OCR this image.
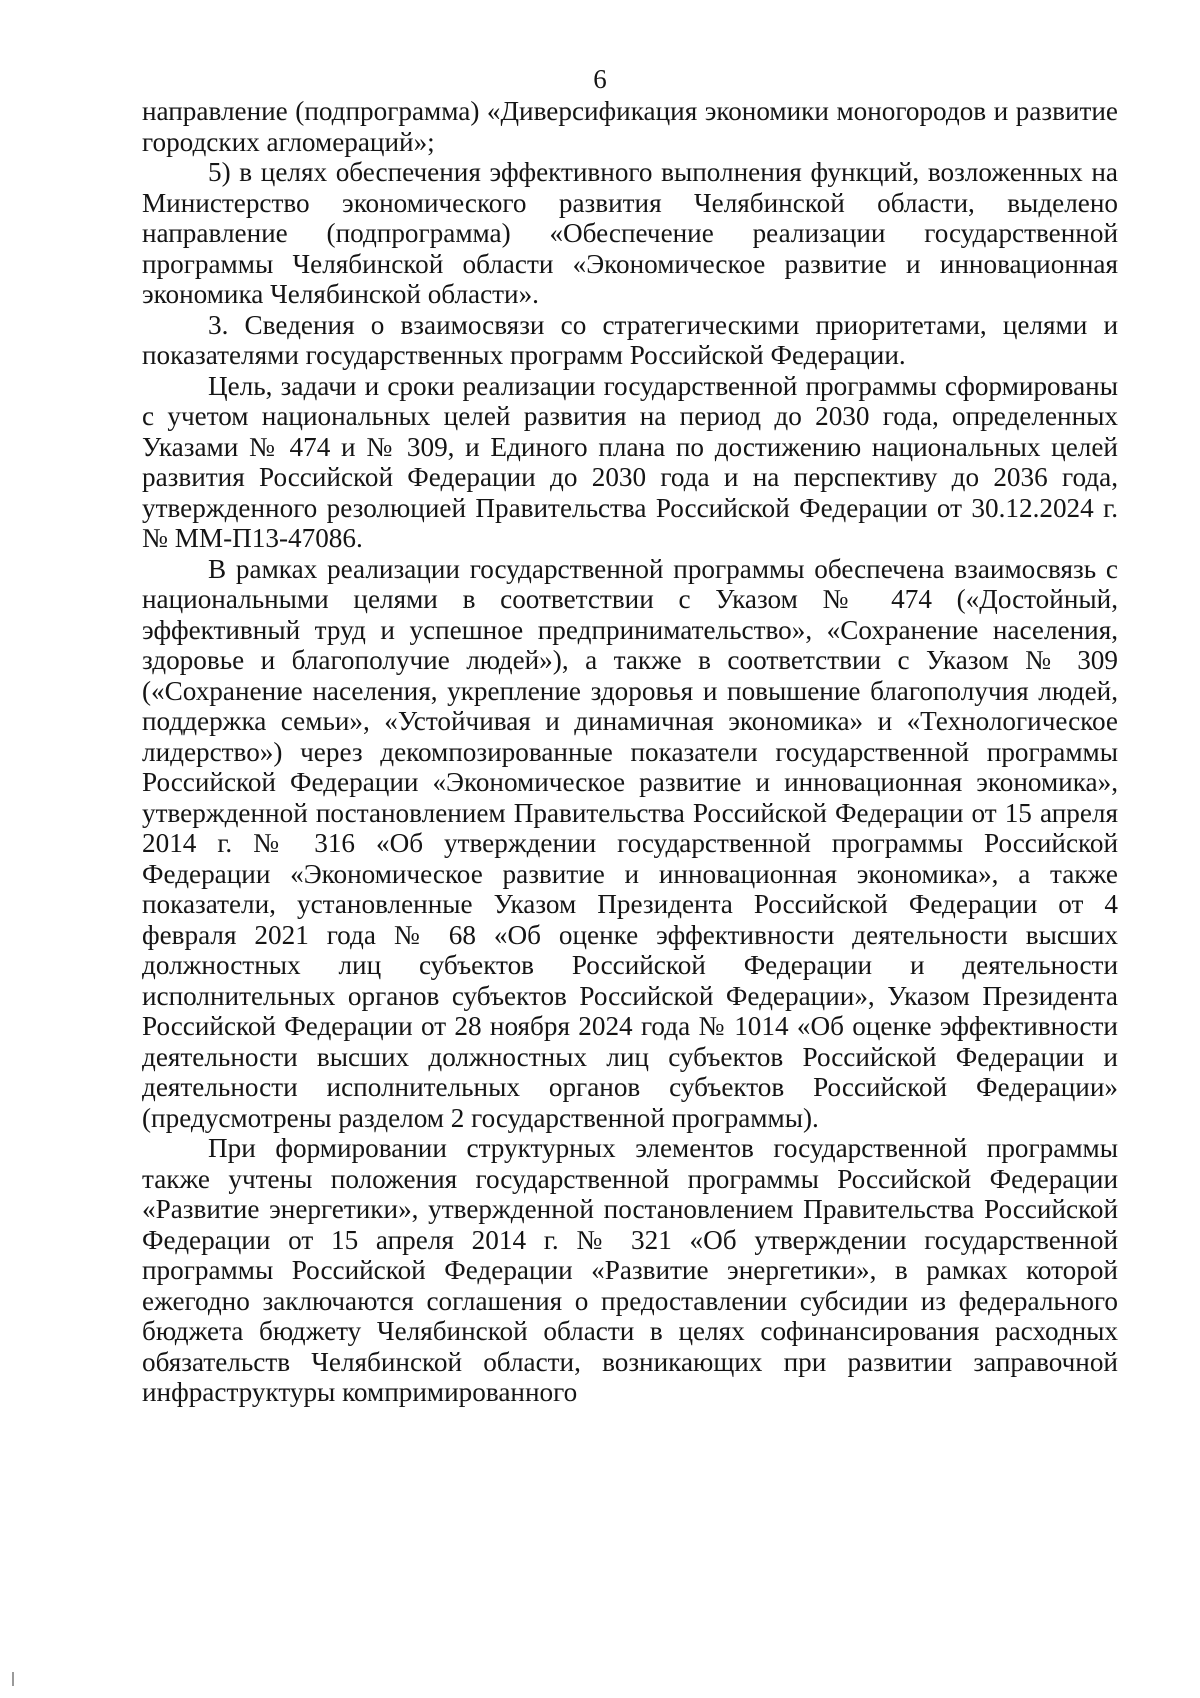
6

направление (подпрограмма) «Диверсификация экономики моногородов и развитие городских агломераций»;

5) в целях обеспечения эффективного выполнения функций, возложенных на Министерство экономического развития Челябинской области, выделено направление (подпрограмма) «Обеспечение реализации государственной программы Челябинской области «Экономическое развитие и инновационная экономика Челябинской области».

3. Сведения о взаимосвязи со стратегическими приоритетами, целями и показателями государственных программ Российской Федерации.

Цель, задачи и сроки реализации государственной программы сформированы с учетом национальных целей развития на период до 2030 года, определенных Указами № 474 и № 309, и Единого плана по достижению национальных целей развития Российской Федерации до 2030 года и на перспективу до 2036 года, утвержденного резолюцией Правительства Российской Федерации от 30.12.2024 г. № ММ-П13-47086.

В рамках реализации государственной программы обеспечена взаимосвязь с национальными целями в соответствии с Указом № 474 («Достойный, эффективный труд и успешное предпринимательство», «Сохранение населения, здоровье и благополучие людей»), а также в соответствии с Указом № 309 («Сохранение населения, укрепление здоровья и повышение благополучия людей, поддержка семьи», «Устойчивая и динамичная экономика» и «Технологическое лидерство») через декомпозированные показатели государственной программы Российской Федерации «Экономическое развитие и инновационная экономика», утвержденной постановлением Правительства Российской Федерации от 15 апреля 2014 г. № 316 «Об утверждении государственной программы Российской Федерации «Экономическое развитие и инновационная экономика», а также показатели, установленные Указом Президента Российской Федерации от 4 февраля 2021 года № 68 «Об оценке эффективности деятельности высших должностных лиц субъектов Российской Федерации и деятельности исполнительных органов субъектов Российской Федерации», Указом Президента Российской Федерации от 28 ноября 2024 года № 1014 «Об оценке эффективности деятельности высших должностных лиц субъектов Российской Федерации и деятельности исполнительных органов субъектов Российской Федерации» (предусмотрены разделом 2 государственной программы).

При формировании структурных элементов государственной программы также учтены положения государственной программы Российской Федерации «Развитие энергетики», утвержденной постановлением Правительства Российской Федерации от 15 апреля 2014 г. № 321 «Об утверждении государственной программы Российской Федерации «Развитие энергетики», в рамках которой ежегодно заключаются соглашения о предоставлении субсидии из федерального бюджета бюджету Челябинской области в целях софинансирования расходных обязательств Челябинской области, возникающих при развитии заправочной инфраструктуры компримированного
